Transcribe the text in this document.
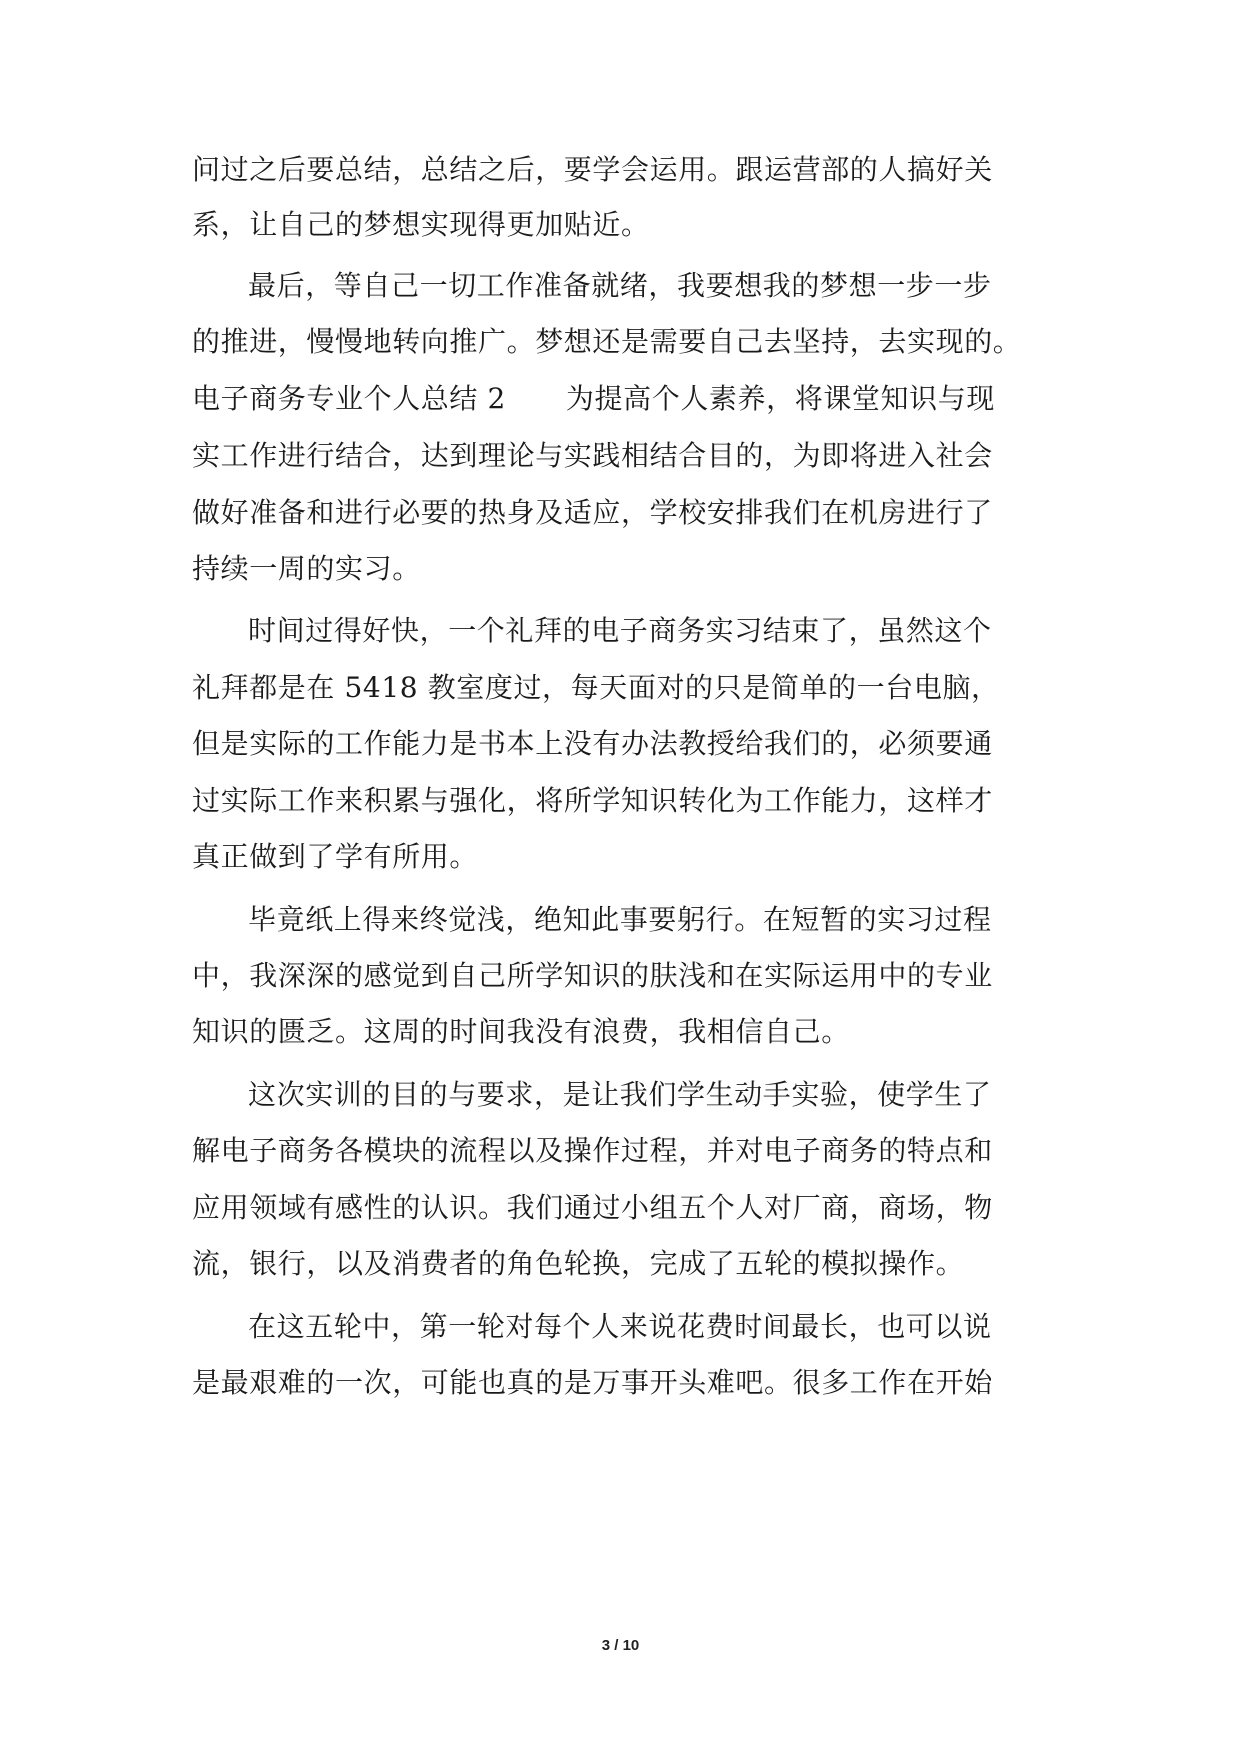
问过之后要总结，总结之后，要学会运用。跟运营部的人搞好关
系，让自己的梦想实现得更加贴近。
最后，等自己一切工作准备就绪，我要想我的梦想一步一步
的推进，慢慢地转向推广。梦想还是需要自己去坚持，去实现的。
电子商务专业个人总结 2 为提高个人素养，将课堂知识与现
实工作进行结合，达到理论与实践相结合目的，为即将进入社会
做好准备和进行必要的热身及适应，学校安排我们在机房进行了
持续一周的实习。
时间过得好快，一个礼拜的电子商务实习结束了，虽然这个
礼拜都是在 5418 教室度过，每天面对的只是简单的一台电脑，
但是实际的工作能力是书本上没有办法教授给我们的，必须要通
过实际工作来积累与强化，将所学知识转化为工作能力，这样才
真正做到了学有所用。
毕竟纸上得来终觉浅，绝知此事要躬行。在短暂的实习过程
中，我深深的感觉到自己所学知识的肤浅和在实际运用中的专业
知识的匮乏。这周的时间我没有浪费，我相信自己。
这次实训的目的与要求，是让我们学生动手实验，使学生了
解电子商务各模块的流程以及操作过程，并对电子商务的特点和
应用领域有感性的认识。我们通过小组五个人对厂商，商场，物
流，银行，以及消费者的角色轮换，完成了五轮的模拟操作。
在这五轮中，第一轮对每个人来说花费时间最长，也可以说
是最艰难的一次，可能也真的是万事开头难吧。很多工作在开始
3 / 10
